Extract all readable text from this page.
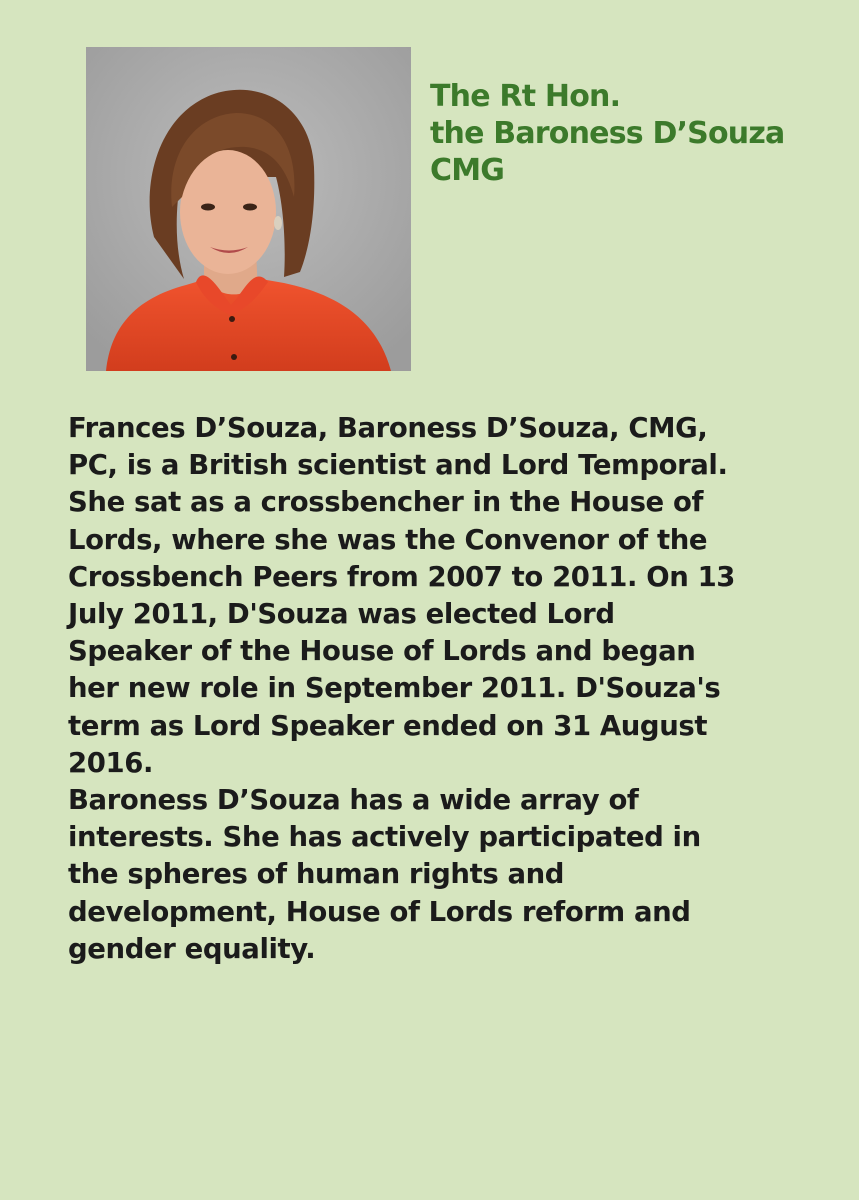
The Rt Hon.
the Baroness D’Souza
CMG
Frances D’Souza, Baroness D’Souza, CMG,
PC, is a British scientist and Lord Temporal.
She sat as a crossbencher in the House of
Lords, where she was the Convenor of the
Crossbench Peers from 2007 to 2011. On 13
July 2011, D'Souza was elected Lord
Speaker of the House of Lords and began
her new role in September 2011. D'Souza's
term as Lord Speaker ended on 31 August
2016.
Baroness D’Souza has a wide array of
interests. She has actively participated in
the spheres of human rights and
development, House of Lords reform and
gender equality.
